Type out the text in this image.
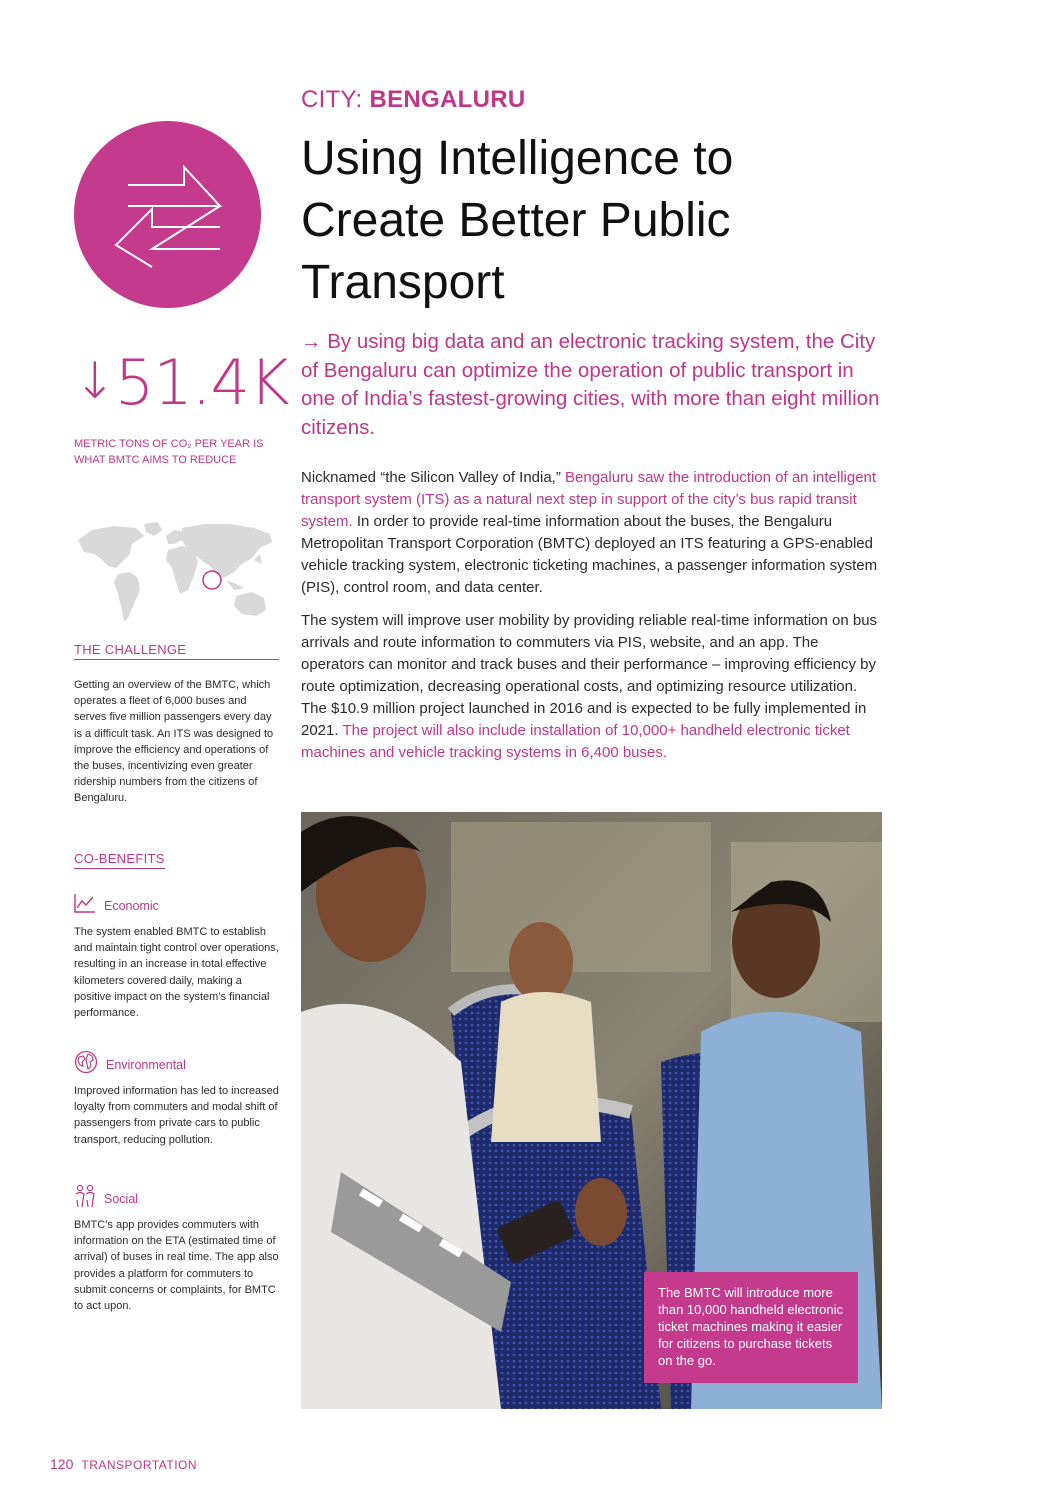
↓51.4K
METRIC TONS OF CO₂ PER YEAR IS WHAT BMTC AIMS TO REDUCE
THE CHALLENGE
Getting an overview of the BMTC, which operates a fleet of 6,000 buses and serves five million passengers every day is a difficult task. An ITS was designed to improve the efficiency and operations of the buses, incentivizing even greater ridership numbers from the citizens of Bengaluru.
CO-BENEFITS
Economic
The system enabled BMTC to establish and maintain tight control over operations, resulting in an increase in total effective kilometers covered daily, making a positive impact on the system’s financial performance.
Environmental
Improved information has led to increased loyalty from commuters and modal shift of passengers from private cars to public transport, reducing pollution.
Social
BMTC’s app provides commuters with information on the ETA (estimated time of arrival) of buses in real time. The app also provides a platform for commuters to submit concerns or complaints, for BMTC to act upon.
CITY: BENGALURU
Using Intelligence to Create Better Public Transport

→ By using big data and an electronic tracking system, the City of Bengaluru can optimize the operation of public transport in one of India’s fastest-growing cities, with more than eight million citizens.

Nicknamed “the Silicon Valley of India,” Bengaluru saw the introduction of an intelligent transport system (ITS) as a natural next step in support of the city’s bus rapid transit system. In order to provide real-time information about the buses, the Bengaluru Metropolitan Transport Corporation (BMTC) deployed an ITS featuring a GPS-enabled vehicle tracking system, electronic ticketing machines, a passenger information system (PIS), control room, and data center.

The system will improve user mobility by providing reliable real-time information on bus arrivals and route information to commuters via PIS, website, and an app. The operators can monitor and track buses and their performance – improving efficiency by route optimization, decreasing operational costs, and optimizing resource utilization. The $10.9 million project launched in 2016 and is expected to be fully implemented in 2021. The project will also include installation of 10,000+ handheld electronic ticket machines and vehicle tracking systems in 6,400 buses.

The BMTC will introduce more than 10,000 handheld electronic ticket machines making it easier for citizens to purchase tickets on the go.
120 TRANSPORTATION
